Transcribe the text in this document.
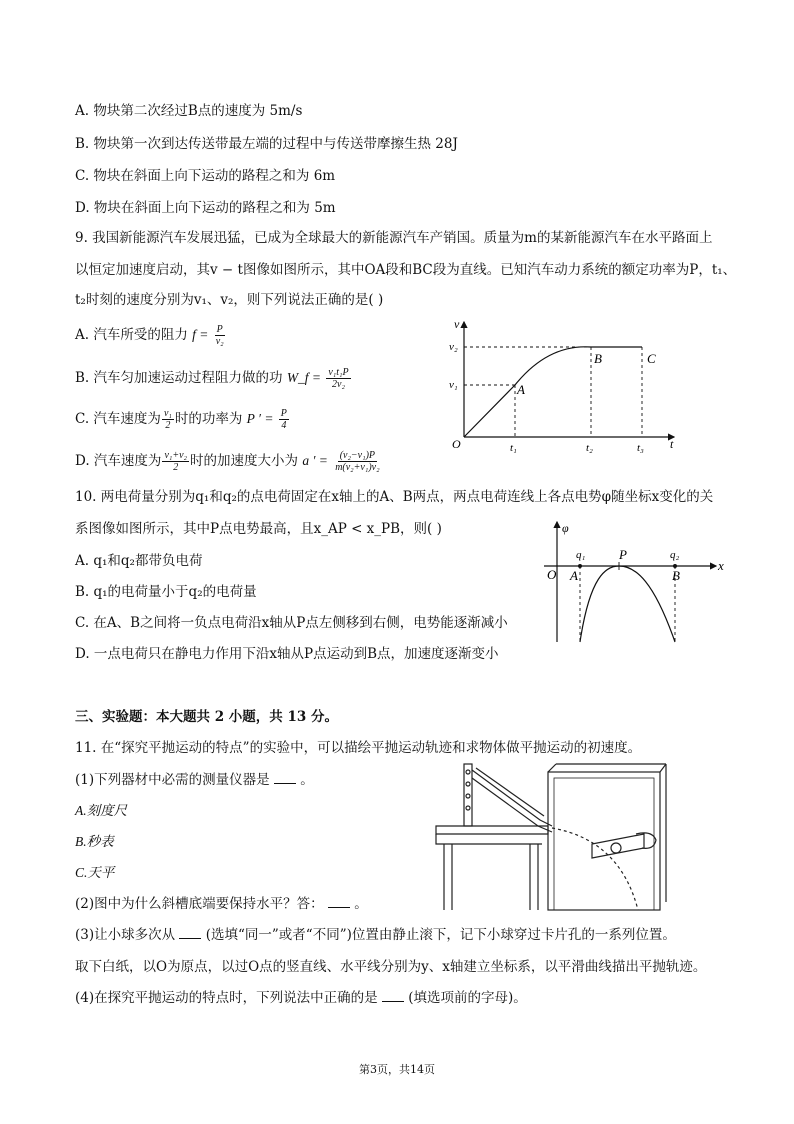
A. 物块第二次经过B点的速度为 5m/s
B. 物块第一次到达传送带最左端的过程中与传送带摩擦生热 28J
C. 物块在斜面上向下运动的路程之和为 6m
D. 物块在斜面上向下运动的路程之和为 5m
9. 我国新能源汽车发展迅猛，已成为全球最大的新能源汽车产销国。质量为m的某新能源汽车在水平路面上
以恒定加速度启动，其v − t图像如图所示，其中OA段和BC段为直线。已知汽车动力系统的额定功率为P，t₁、
t₂时刻的速度分别为v₁、v₂，则下列说法正确的是( )
A. 汽车所受的阻力 $f = \frac{P}{\text{v₂}}$
B. 汽车匀加速运动过程阻力做的功 W_f = $\frac{\text{v₁t₁P}}{\text{2v₂}}$
C. 汽车速度为 $\frac{\text{v₁}}{2}$ 时的功率为 P ′ = $\frac{P}{4}$
D. 汽车速度为 $\frac{\text{v₁+v₂}}{2}$ 时的加速度大小为 a ′ = $\frac{\text{(v₂−v₁)P}}{\text{m(v₂+v₁)v₂}}$
v
t
O
v₁
v₂
t₁	t₂	t₃
A
B	C
10. 两电荷量分别为q₁和q₂的点电荷固定在x轴上的A、B两点，两点电荷连线上各点电势φ随坐标x变化的关
系图像如图所示，其中P点电势最高，且x_AP < x_PB，则( )
A. q₁和q₂都带负电荷
B. q₁的电荷量小于q₂的电荷量
C. 在A、B之间将一负点电荷沿x轴从P点左侧移到右侧，电势能逐渐减小
D. 一点电荷只在静电力作用下沿x轴从P点运动到B点，加速度逐渐变小
φ
x
O
q₁	q₂
P
A	B
三、实验题：本大题共 2 小题，共 13 分。
11. 在“探究平抛运动的特点”的实验中，可以描绘平抛运动轨迹和求物体做平抛运动的初速度。
(1)下列器材中必需的测量仪器是 。
A.刻度尺
B.秒表
C.天平
(2)图中为什么斜槽底端要保持水平？答： 。
(3)让小球多次从 (选填“同一”或者“不同”)位置由静止滚下，记下小球穿过卡片孔的一系列位置。
取下白纸，以O为原点，以过O点的竖直线、水平线分别为y、x轴建立坐标系，以平滑曲线描出平抛轨迹。
(4)在探究平抛运动的特点时，下列说法中正确的是 (填选项前的字母)。
第3页，共14页
